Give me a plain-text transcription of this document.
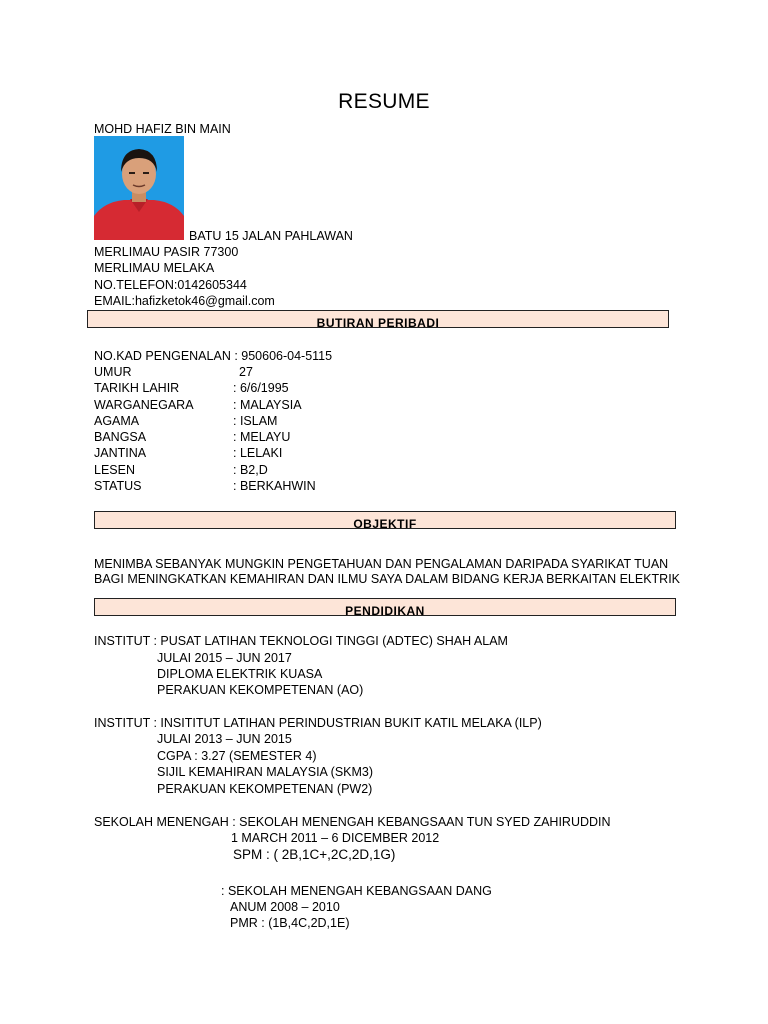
RESUME
MOHD HAFIZ BIN MAIN
BATU 15 JALAN PAHLAWAN
MERLIMAU PASIR 77300
MERLIMAU MELAKA
NO.TELEFON:0142605344
EMAIL:hafizketok46@gmail.com
BUTIRAN PERIBADI
NO.KAD PENGENALAN : 950606-04-5115
UMUR	27
TARIKH LAHIR	: 6/6/1995
WARGANEGARA	: MALAYSIA
AGAMA	: ISLAM
BANGSA	: MELAYU
JANTINA	: LELAKI
LESEN	: B2,D
STATUS	: BERKAHWIN
OBJEKTIF
MENIMBA SEBANYAK MUNGKIN PENGETAHUAN DAN PENGALAMAN DARIPADA SYARIKAT TUAN
BAGI MENINGKATKAN KEMAHIRAN DAN ILMU SAYA DALAM BIDANG KERJA BERKAITAN ELEKTRIK
PENDIDIKAN
INSTITUT : PUSAT LATIHAN TEKNOLOGI TINGGI (ADTEC) SHAH ALAM
JULAI 2015 – JUN 2017
DIPLOMA ELEKTRIK KUASA
PERAKUAN KEKOMPETENAN (AO)
INSTITUT : INSITITUT LATIHAN PERINDUSTRIAN BUKIT KATIL MELAKA (ILP)
JULAI 2013 – JUN 2015
CGPA : 3.27 (SEMESTER 4)
SIJIL KEMAHIRAN MALAYSIA (SKM3)
PERAKUAN KEKOMPETENAN (PW2)
SEKOLAH MENENGAH : SEKOLAH MENENGAH KEBANGSAAN TUN SYED ZAHIRUDDIN
1 MARCH 2011 – 6 DICEMBER 2012
SPM : ( 2B,1C+,2C,2D,1G)
: SEKOLAH MENENGAH KEBANGSAAN DANG
ANUM 2008 – 2010
PMR : (1B,4C,2D,1E)
